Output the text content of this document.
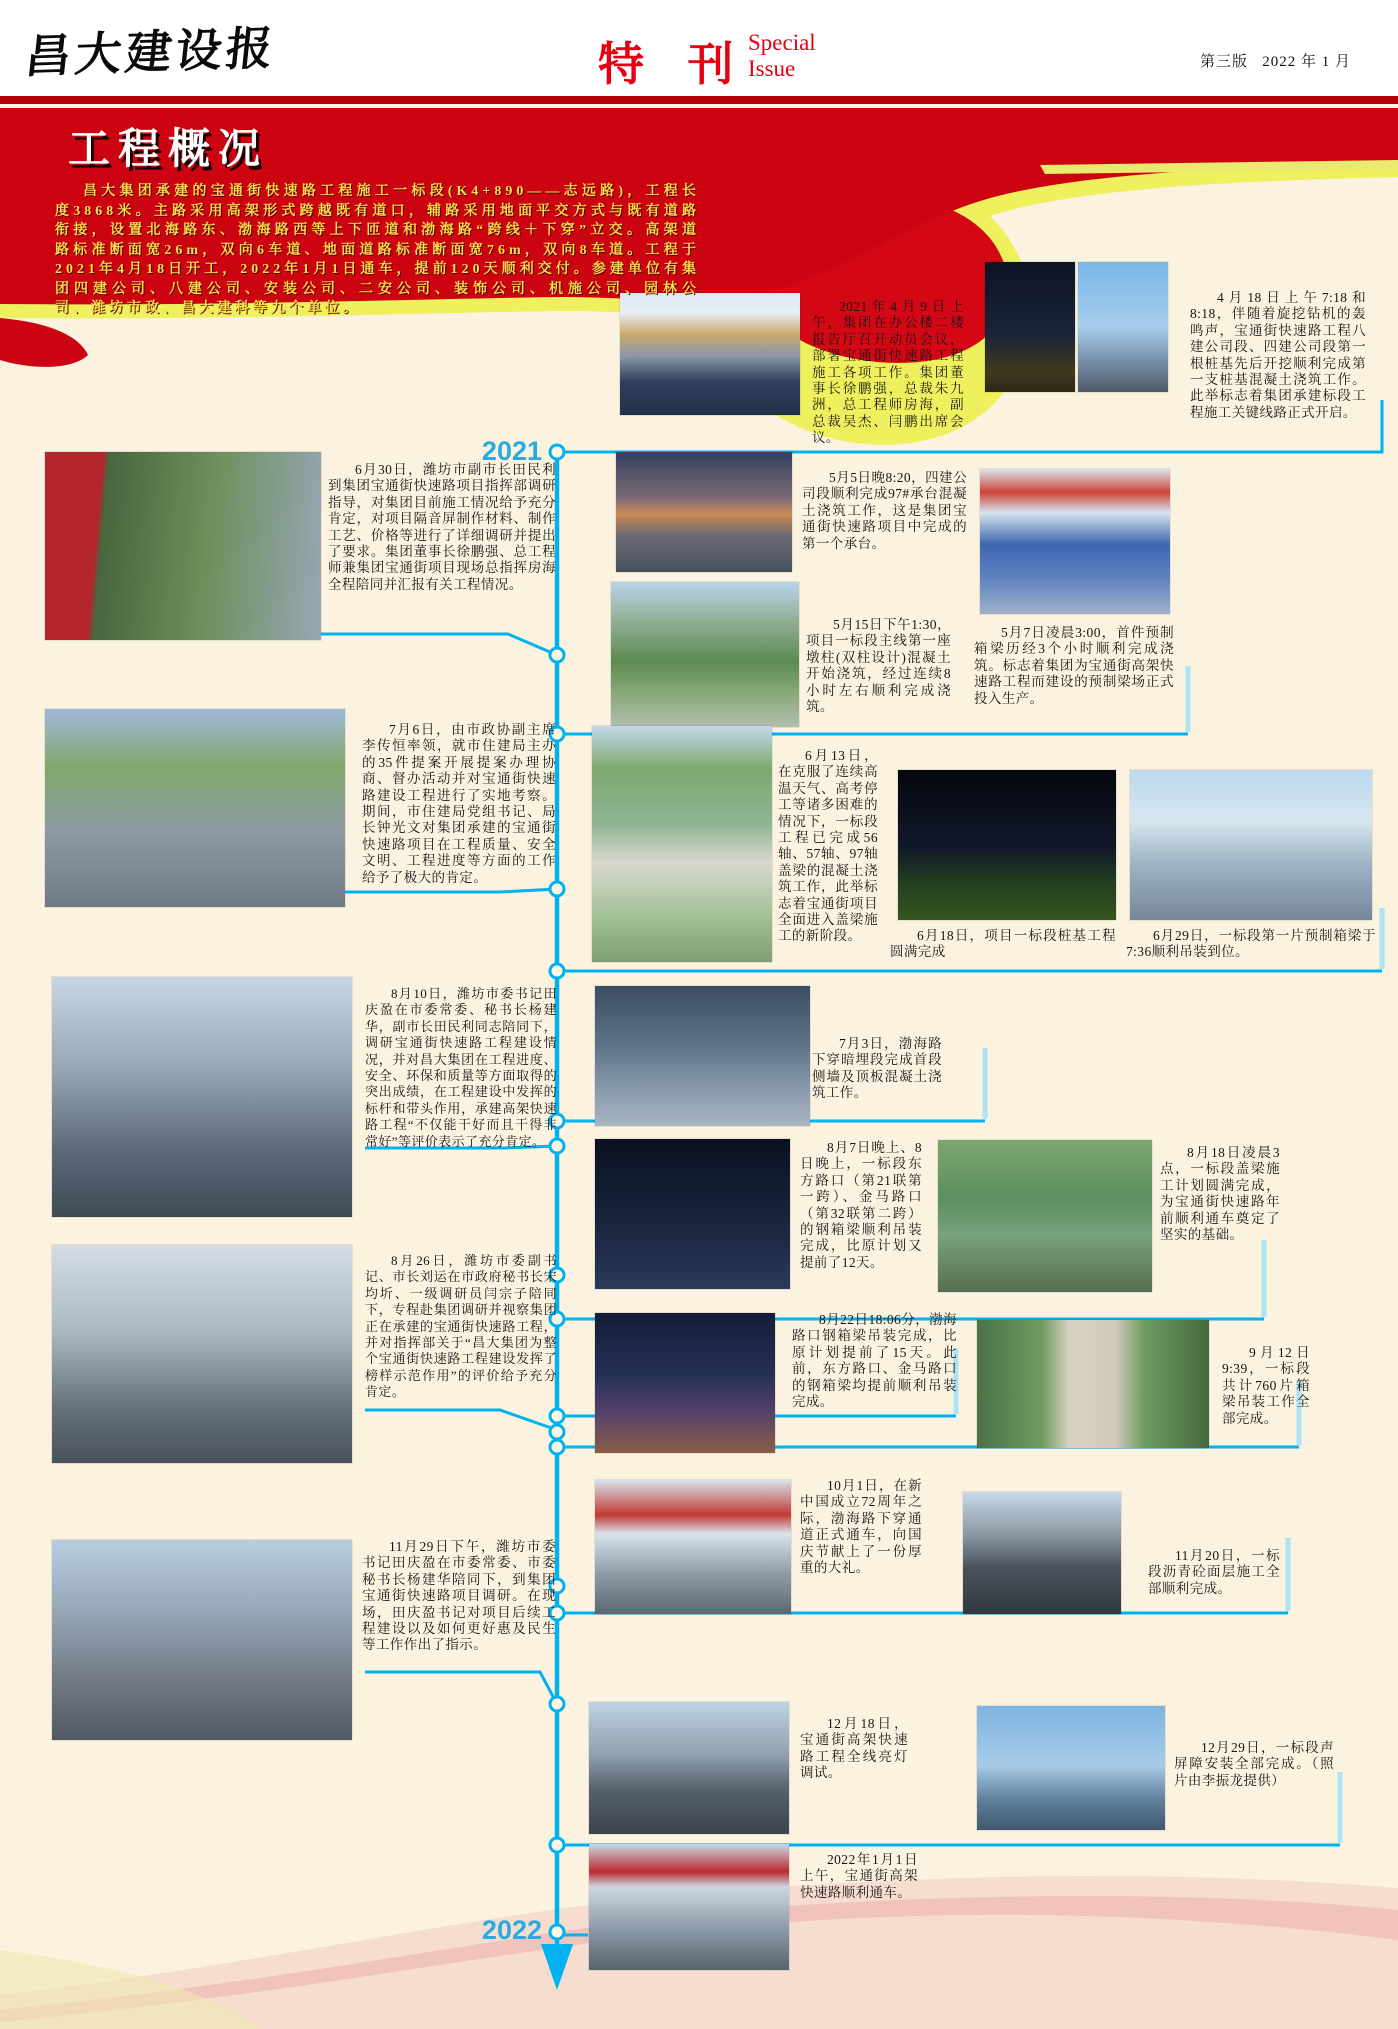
昌大建设报	特 刊
Special
Issue	第三版 2022 年 1 月
工程概况
昌大集团承建的宝通街快速路工程施工一标段(K4+890——志远路)，工程长度3868米。主路采用高架形式跨越既有道口，辅路采用地面平交方式与既有道路衔接，设置北海路东、渤海路西等上下匝道和渤海路“跨线＋下穿”立交。高架道路标准断面宽26m，双向6车道、地面道路标准断面宽76m，双向8车道。工程于2021年4月18日开工，2022年1月1日通车，提前120天顺利交付。参建单位有集团四建公司、八建公司、安装公司、二安公司、装饰公司、机施公司、园林公司、潍坊市政、昌大建科等九个单位。
2021
2022
2021年4月9日上午，集团在办公楼二楼报告厅召开动员会议，部署宝通街快速路工程施工各项工作。集团董事长徐鹏强，总裁朱九洲，总工程师房海，副总裁吴杰、闫鹏出席会议。
4月18日上午7:18和8:18，伴随着旋挖钻机的轰鸣声，宝通街快速路工程八建公司段、四建公司段第一根桩基先后开挖顺利完成第一支桩基混凝土浇筑工作。此举标志着集团承建标段工程施工关键线路正式开启。
6月30日，潍坊市副市长田民利到集团宝通街快速路项目指挥部调研指导，对集团目前施工情况给予充分肯定，对项目隔音屏制作材料、制作工艺、价格等进行了详细调研并提出了要求。集团董事长徐鹏强、总工程师兼集团宝通街项目现场总指挥房海全程陪同并汇报有关工程情况。
5月5日晚8:20，四建公司段顺利完成97#承台混凝土浇筑工作，这是集团宝通街快速路项目中完成的第一个承台。
5月15日下午1:30，项目一标段主线第一座墩柱(双柱设计)混凝土开始浇筑，经过连续8小时左右顺利完成浇筑。
5月7日凌晨3:00，首件预制箱梁历经3个小时顺利完成浇筑。标志着集团为宝通街高架快速路工程而建设的预制梁场正式投入生产。
6月13日，在克服了连续高温天气、高考停工等诸多困难的情况下，一标段工程已完成56轴、57轴、97轴盖梁的混凝土浇筑工作，此举标志着宝通街项目全面进入盖梁施工的新阶段。	6月18日，项目一标段桩基工程圆满完成
6月29日，一标段第一片预制箱梁于7:36顺利吊装到位。
7月6日，由市政协副主席李传恒率领，就市住建局主办的35件提案开展提案办理协商、督办活动并对宝通街快速路建设工程进行了实地考察。期间，市住建局党组书记、局长钟光文对集团承建的宝通街快速路项目在工程质量、安全文明、工程进度等方面的工作给予了极大的肯定。
7月3日，渤海路下穿暗埋段完成首段侧墙及顶板混凝土浇筑工作。
8月10日，潍坊市委书记田庆盈在市委常委、秘书长杨建华，副市长田民利同志陪同下，调研宝通街快速路工程建设情况，并对昌大集团在工程进度、安全、环保和质量等方面取得的突出成绩，在工程建设中发挥的标杆和带头作用，承建高架快速路工程“不仅能干好而且干得非常好”等评价表示了充分肯定。	8月7日晚上、8日晚上，一标段东方路口（第21联第一跨）、金马路口（第32联第二跨）的钢箱梁顺利吊装完成，比原计划又提前了12天。
8月18日凌晨3点，一标段盖梁施工计划圆满完成，为宝通街快速路年前顺利通车奠定了坚实的基础。
8月22日18:06分，渤海路口钢箱梁吊装完成，比原计划提前了15天。此前，东方路口、金马路口的钢箱梁均提前顺利吊装完成。
9月12日9:39，一标段共计760片箱梁吊装工作全部完成。
8月26日，潍坊市委副书记、市长刘运在市政府秘书长宋均圻、一级调研员闫宗子陪同下，专程赴集团调研并视察集团正在承建的宝通街快速路工程，并对指挥部关于“昌大集团为整个宝通街快速路工程建设发挥了榜样示范作用”的评价给予充分肯定。
10月1日，在新中国成立72周年之际，渤海路下穿通道正式通车，向国庆节献上了一份厚重的大礼。
11月20日，一标段沥青砼面层施工全部顺利完成。
11月29日下午，潍坊市委书记田庆盈在市委常委、市委秘书长杨建华陪同下，到集团宝通街快速路项目调研。在现场，田庆盈书记对项目后续工程建设以及如何更好惠及民生等工作作出了指示。
12月18日，宝通街高架快速路工程全线亮灯调试。
12月29日，一标段声屏障安装全部完成。（照片由李振龙提供）
2022年1月1日上午，宝通街高架快速路顺利通车。
